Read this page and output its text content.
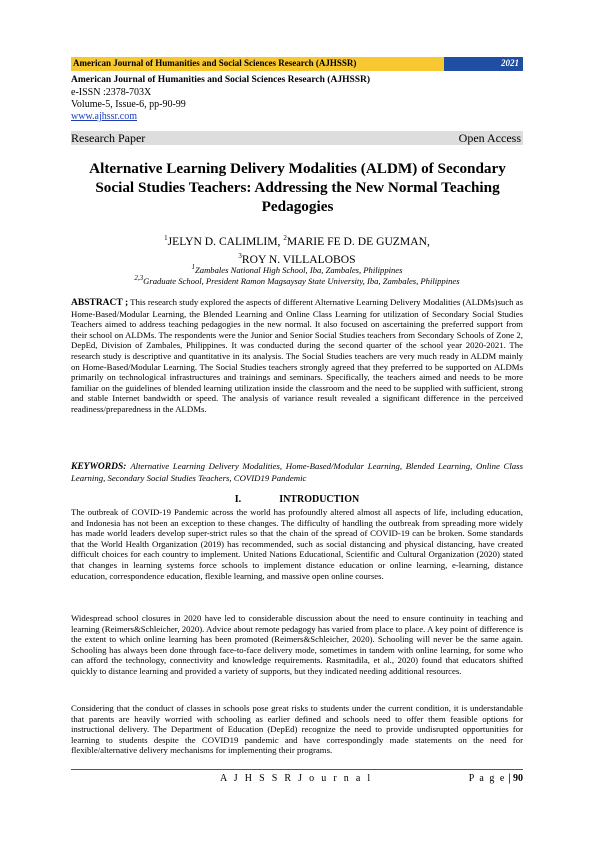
American Journal of Humanities and Social Sciences Research (AJHSSR)	2021
American Journal of Humanities and Social Sciences Research (AJHSSR)
e-ISSN :2378-703X
Volume-5, Issue-6, pp-90-99
www.ajhssr.com
Research Paper	Open Access
Alternative Learning Delivery Modalities (ALDM) of Secondary Social Studies Teachers: Addressing the New Normal Teaching Pedagogies
$^1$JELYN D. CALIMLIM, $^2$MARIE FE D. DE GUZMAN,
$^3$ROY N. VILLALOBOS
$^1$Zambales National High School, Iba, Zambales, Philippines
$^{2,3}$Graduate School, President Ramon Magsaysay State University, Iba, Zambales, Philippines
ABSTRACT ; This research study explored the aspects of different Alternative Learning Delivery Modalities (ALDMs)such as Home-Based/Modular Learning, the Blended Learning and Online Class Learning for utilization of Secondary Social Studies Teachers aimed to address teaching pedagogies in the new normal. It also focused on ascertaining the preferred support from their school on ALDMs. The respondents were the Junior and Senior Social Studies teachers from Secondary Schools of Zone 2, DepEd, Division of Zambales, Philippines. It was conducted during the second quarter of the school year 2020-2021. The research study is descriptive and quantitative in its analysis. The Social Studies teachers are very much ready in ALDM mainly on Home-Based/Modular Learning. The Social Studies teachers strongly agreed that they preferred to be supported on ALDMs primarily on technological infrastructures and trainings and seminars. Specifically, the teachers aimed and needs to be more familiar on the guidelines of blended learning utilization inside the classroom and the need to be supplied with sufficient, strong and stable Internet bandwidth or speed. The analysis of variance result revealed a significant difference in the perceived readiness/preparedness in the ALDMs.
KEYWORDS: Alternative Learning Delivery Modalities, Home-Based/Modular Learning, Blended Learning, Online Class Learning, Secondary Social Studies Teachers, COVID19 Pandemic
I.	INTRODUCTION
The outbreak of COVID-19 Pandemic across the world has profoundly altered almost all aspects of life, including education, and Indonesia has not been an exception to these changes. The difficulty of handling the outbreak from spreading more widely has made world leaders develop super-strict rules so that the chain of the spread of COVID-19 can be broken. Some standards that the World Health Organization (2019) has recommended, such as social distancing and physical distancing, have created difficult choices for each country to implement. United Nations Educational, Scientific and Cultural Organization (2020) stated that changes in learning systems force schools to implement distance education or online learning, e-learning, distance education, correspondence education, flexible learning, and massive open online courses.
Widespread school closures in 2020 have led to considerable discussion about the need to ensure continuity in teaching and learning (Reimers&Schleicher, 2020). Advice about remote pedagogy has varied from place to place. A key point of difference is the extent to which online learning has been promoted (Reimers&Schleicher, 2020). Schooling will never be the same again. Schooling has always been done through face-to-face delivery mode, sometimes in tandem with online learning, for some who can afford the technology, connectivity and knowledge requirements. Rasmitadila, et al., 2020) found that educators shifted quickly to distance learning and provided a variety of supports, but they indicated needing additional resources.
Considering that the conduct of classes in schools pose great risks to students under the current condition, it is understandable that parents are heavily worried with schooling as earlier defined and schools need to offer them feasible options for instructional delivery. The Department of Education (DepEd) recognize the need to provide undisrupted opportunities for learning to students despite the COVID19 pandemic and have correspondingly made statements on the need for flexible/alternative delivery mechanisms for implementing their programs.
A J H S S R J o u r n a l	P a g e | 90
